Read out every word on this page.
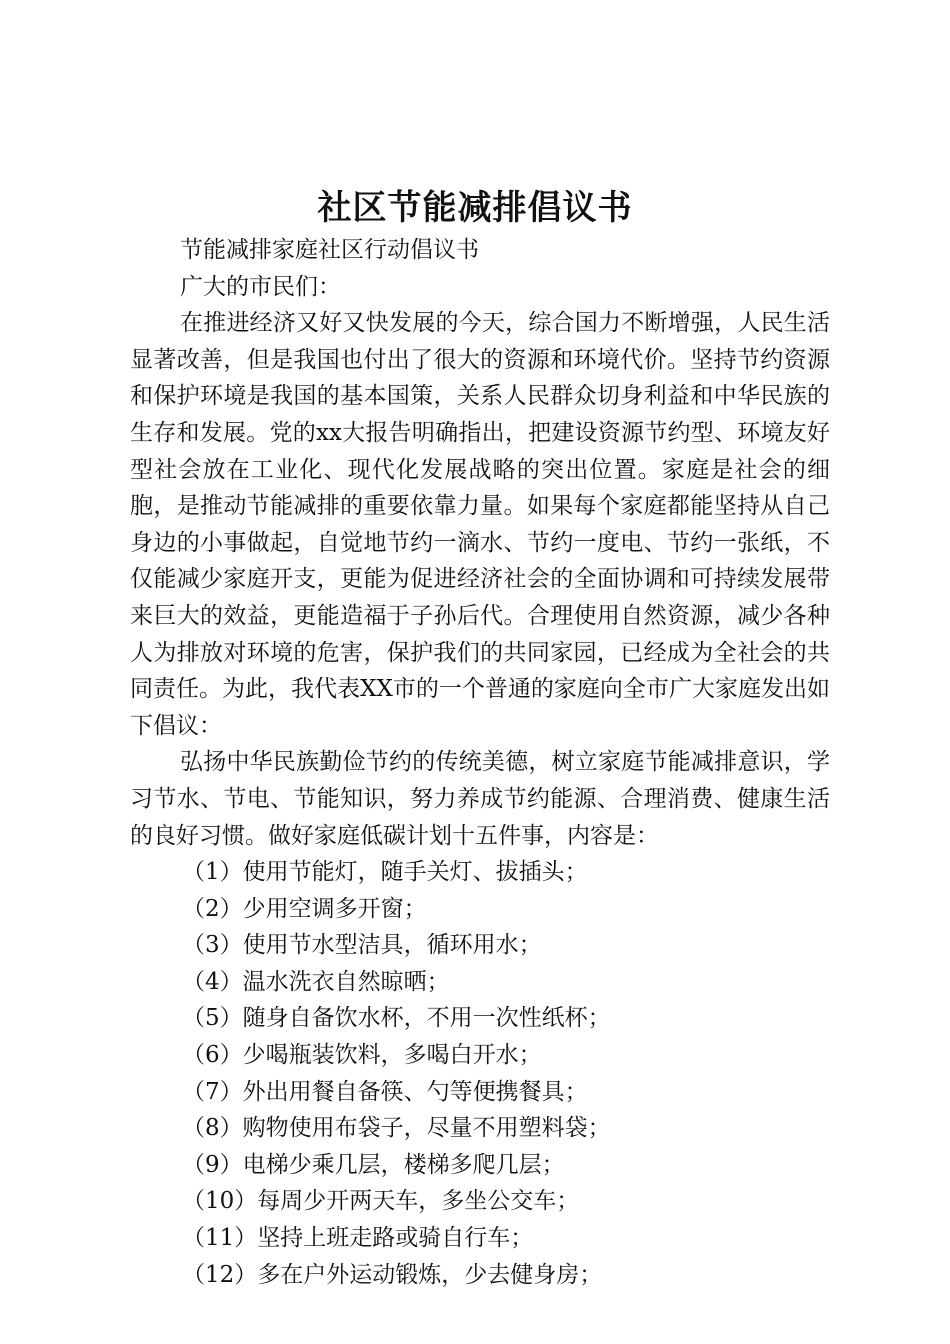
社区节能减排倡议书

节能减排家庭社区行动倡议书

广大的市民们：

在推进经济又好又快发展的今天，综合国力不断增强，人民生活显著改善，但是我国也付出了很大的资源和环境代价。坚持节约资源和保护环境是我国的基本国策，关系人民群众切身利益和中华民族的生存和发展。党的xx大报告明确指出，把建设资源节约型、环境友好型社会放在工业化、现代化发展战略的突出位置。家庭是社会的细胞，是推动节能减排的重要依靠力量。如果每个家庭都能坚持从自己身边的小事做起，自觉地节约一滴水、节约一度电、节约一张纸，不仅能减少家庭开支，更能为促进经济社会的全面协调和可持续发展带来巨大的效益，更能造福于子孙后代。合理使用自然资源，减少各种人为排放对环境的危害，保护我们的共同家园，已经成为全社会的共同责任。为此，我代表XX市的一个普通的家庭向全市广大家庭发出如下倡议：

弘扬中华民族勤俭节约的传统美德，树立家庭节能减排意识，学习节水、节电、节能知识，努力养成节约能源、合理消费、健康生活的良好习惯。做好家庭低碳计划十五件事，内容是：

（1）使用节能灯，随手关灯、拔插头；
（2）少用空调多开窗；
（3）使用节水型洁具，循环用水；
（4）温水洗衣自然晾晒；
（5）随身自备饮水杯，不用一次性纸杯；
（6）少喝瓶装饮料，多喝白开水；
（7）外出用餐自备筷、勺等便携餐具；
（8）购物使用布袋子，尽量不用塑料袋；
（9）电梯少乘几层，楼梯多爬几层；
（10）每周少开两天车，多坐公交车；
（11）坚持上班走路或骑自行车；
（12）多在户外运动锻炼，少去健身房；
